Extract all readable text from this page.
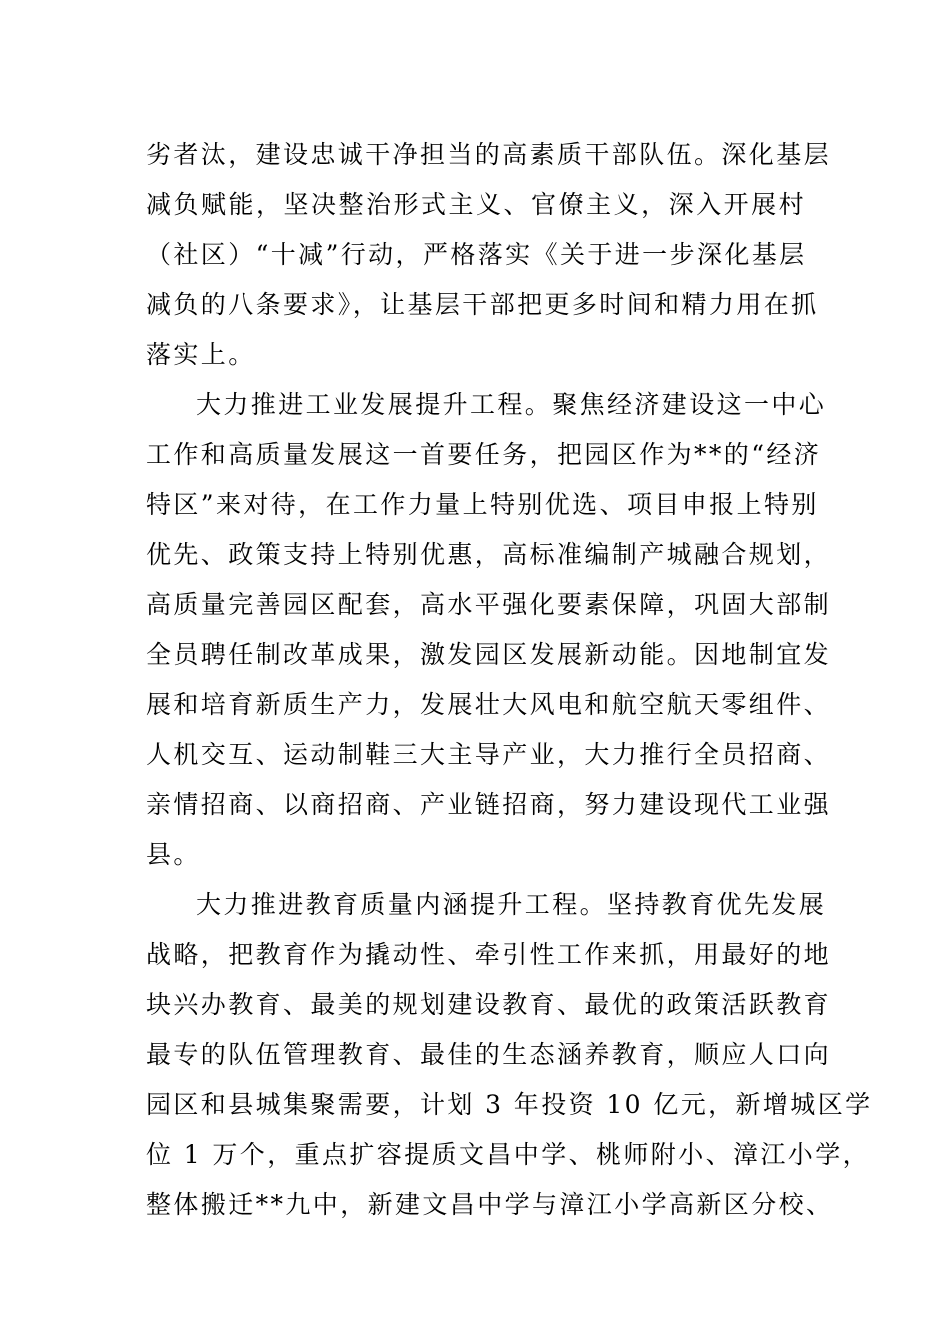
劣者汰，建设忠诚干净担当的高素质干部队伍。深化基层
减负赋能，坚决整治形式主义、官僚主义，深入开展村
（社区）“十减”行动，严格落实《关于进一步深化基层
减负的八条要求》，让基层干部把更多时间和精力用在抓
落实上。
大力推进工业发展提升工程。聚焦经济建设这一中心
工作和高质量发展这一首要任务，把园区作为**的“经济
特区”来对待，在工作力量上特别优选、项目申报上特别
优先、政策支持上特别优惠，高标准编制产城融合规划，
高质量完善园区配套，高水平强化要素保障，巩固大部制
全员聘任制改革成果，激发园区发展新动能。因地制宜发
展和培育新质生产力，发展壮大风电和航空航天零组件、
人机交互、运动制鞋三大主导产业，大力推行全员招商、
亲情招商、以商招商、产业链招商，努力建设现代工业强
县。
大力推进教育质量内涵提升工程。坚持教育优先发展
战略，把教育作为撬动性、牵引性工作来抓，用最好的地
块兴办教育、最美的规划建设教育、最优的政策活跃教育
最专的队伍管理教育、最佳的生态涵养教育，顺应人口向
园区和县城集聚需要，计划 3 年投资 10 亿元，新增城区学
位 1 万个，重点扩容提质文昌中学、桃师附小、漳江小学，
整体搬迁**九中，新建文昌中学与漳江小学高新区分校、
